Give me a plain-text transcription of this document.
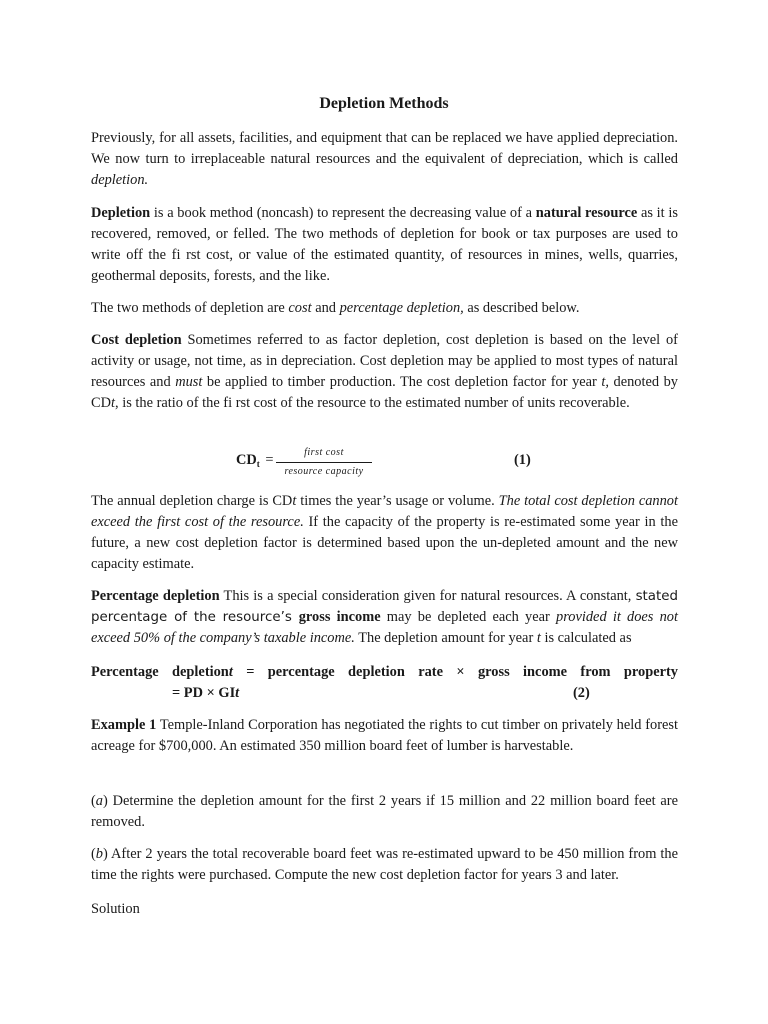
Depletion Methods

Previously, for all assets, facilities, and equipment that can be replaced we have applied depreciation. We now turn to irreplaceable natural resources and the equivalent of depreciation, which is called depletion.

Depletion is a book method (noncash) to represent the decreasing value of a natural resource as it is recovered, removed, or felled. The two methods of depletion for book or tax purposes are used to write off the fi rst cost, or value of the estimated quantity, of resources in mines, wells, quarries, geothermal deposits, forests, and the like.

The two methods of depletion are cost and percentage depletion, as described below.

Cost depletion Sometimes referred to as factor depletion, cost depletion is based on the level of activity or usage, not time, as in depreciation. Cost depletion may be applied to most types of natural resources and must be applied to timber production. The cost depletion factor for year t, denoted by CDt, is the ratio of the fi rst cost of the resource to the estimated number of units recoverable.

$CD_t$ =	first cost
resource capacity
(1)

The annual depletion charge is CDt times the year’s usage or volume. The total cost depletion cannot exceed the first cost of the resource. If the capacity of the property is re-estimated some year in the future, a new cost depletion factor is determined based upon the un-depleted amount and the new capacity estimate.

Percentage depletion This is a special consideration given for natural resources. A constant, stated percentage of the resource’s gross income may be depleted each year provided it does not exceed 50% of the company’s taxable income. The depletion amount for year t is calculated as

Percentage depletiont = percentage depletion rate × gross income from property

= PD × GIt	(2)

Example 1 Temple-Inland Corporation has negotiated the rights to cut timber on privately held forest acreage for $700,000. An estimated 350 million board feet of lumber is harvestable.

(a) Determine the depletion amount for the first 2 years if 15 million and 22 million board feet are removed.

(b) After 2 years the total recoverable board feet was re-estimated upward to be 450 million from the time the rights were purchased. Compute the new cost depletion factor for years 3 and later.

Solution
